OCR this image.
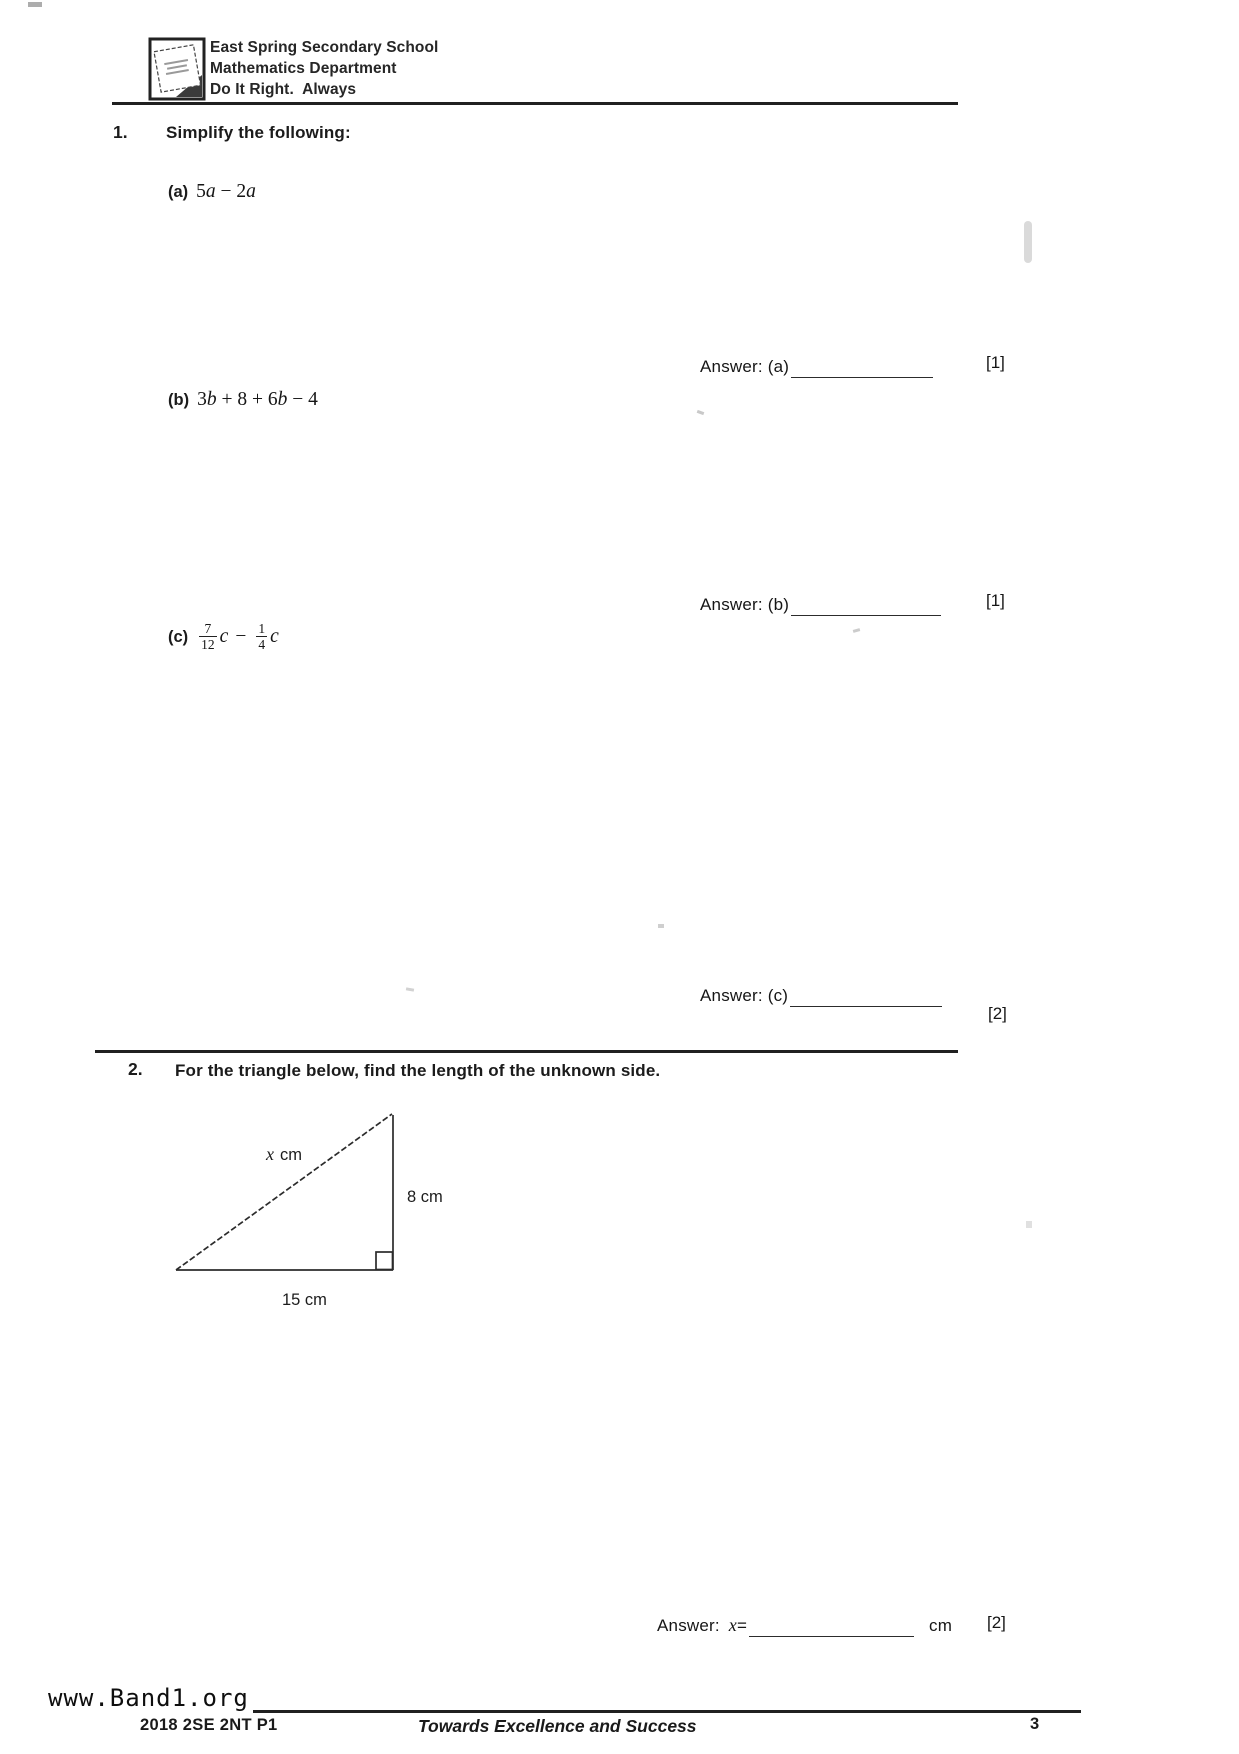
East Spring Secondary School
Mathematics Department
Do It Right.  Always
1. Simplify the following:
(a) 5a − 2a
Answer: (a)	[1]
(b) 3b + 8 + 6b − 4
Answer: (b)	[1]
$(c) \frac{7}{12}$ $c - \frac{1}{4}$ c
Answer: (c)
[2]
2. For the triangle below, find the length of the unknown side.
x cm
8 cm
15 cm
Answer: x=	cm [2]
www.Band1.org
2018 2SE 2NT P1	Towards Excellence and Success	3
